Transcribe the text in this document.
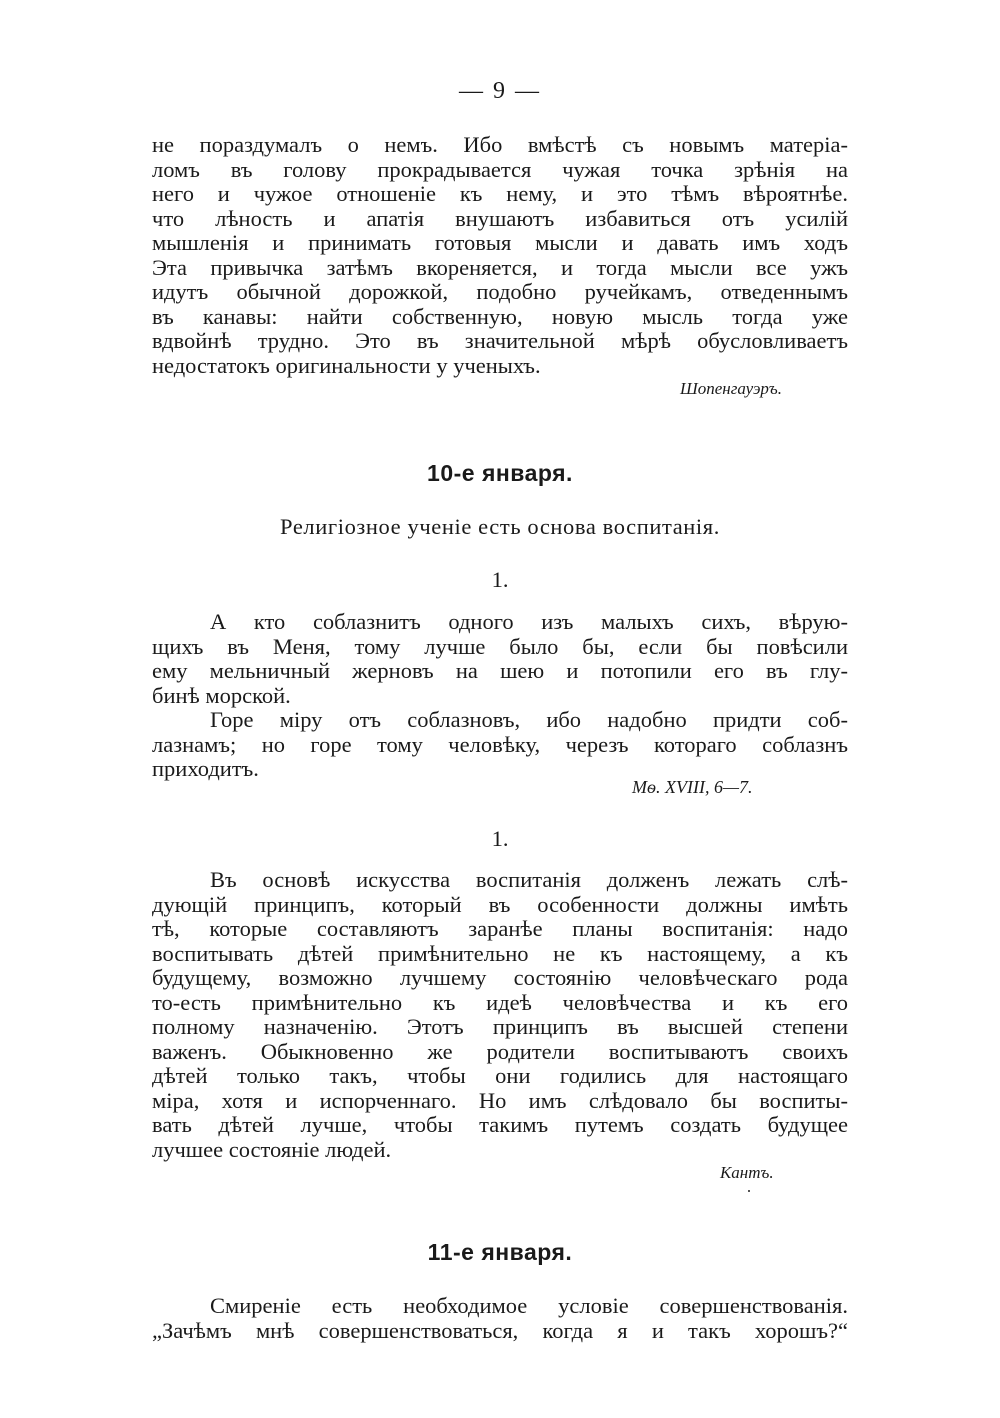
— 9 —

не пораздумалъ о немъ. Ибо вмѣстѣ съ новымъ матеріа-
ломъ въ голову прокрадывается чужая точка зрѣнія на
него и чужое отношеніе къ нему, и это тѣмъ вѣроятнѣе.
что лѣность и апатія внушаютъ избавиться отъ усилій
мышленія и принимать готовыя мысли и давать имъ ходъ
Эта привычка затѣмъ вкореняется, и тогда мысли все ужъ
идутъ обычной дорожкой, подобно ручейкамъ, отведеннымъ
въ канавы: найти собственную, новую мысль тогда уже
вдвойнѣ трудно. Это въ значительной мѣрѣ обусловливаетъ
недостатокъ оригинальности у ученыхъ.

Шопенгауэръ.
10-е января.
Религіозное ученіе есть основа воспитанія.
1.

А кто соблазнитъ одного изъ малыхъ сихъ, вѣрую-
щихъ въ Меня, тому лучше было бы, если бы повѣсили
ему мельничный жерновъ на шею и потопили его въ глу-
бинѣ морской.

Горе міру отъ соблазновъ, ибо надобно придти соб-
лазнамъ; но горе тому человѣку, черезъ котораго соблазнъ
приходитъ.

Мѳ. XVIII, 6—7.
1.

Въ основѣ искусства воспитанія долженъ лежать слѣ-
дующій принципъ, который въ особенности должны имѣть
тѣ, которые составляютъ заранѣе планы воспитанія: надо
воспитывать дѣтей примѣнительно не къ настоящему, а къ
будущему, возможно лучшему состоянію человѣческаго рода
то-есть примѣнительно къ идеѣ человѣчества и къ его
полному назначенію. Этотъ принципъ въ высшей степени
важенъ. Обыкновенно же родители воспитываютъ своихъ
дѣтей только такъ, чтобы они годились для настоящаго
міра, хотя и испорченнаго. Но имъ слѣдовало бы воспиты-
вать дѣтей лучше, чтобы такимъ путемъ создать будущее
лучшее состояніе людей.

Кантъ.
11-е января.

Смиреніе есть необходимое условіе совершенствованія.
„Зачѣмъ мнѣ совершенствоваться, когда я и такъ хорошъ?“
